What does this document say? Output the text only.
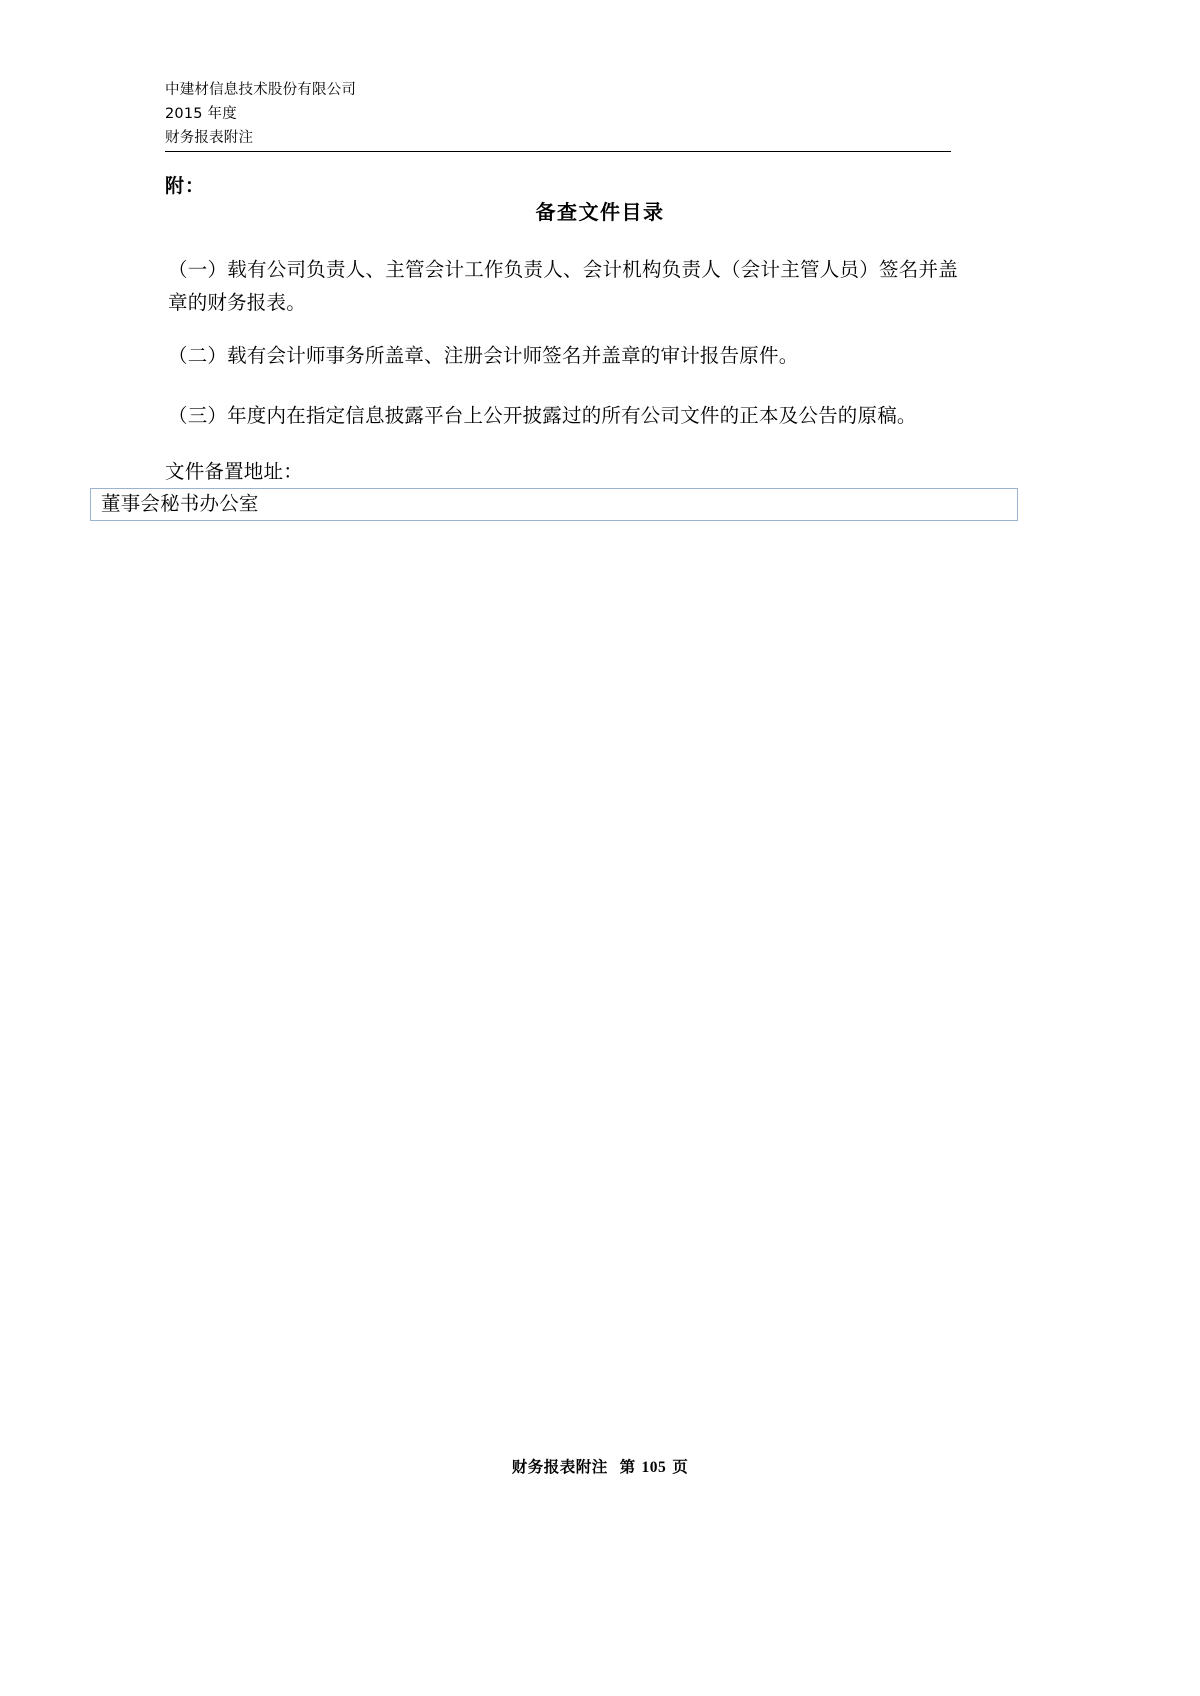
中建材信息技术股份有限公司
2015 年度
财务报表附注
附：
备查文件目录
（一）载有公司负责人、主管会计工作负责人、会计机构负责人（会计主管人员）签名并盖章的财务报表。
（二）载有会计师事务所盖章、注册会计师签名并盖章的审计报告原件。
（三）年度内在指定信息披露平台上公开披露过的所有公司文件的正本及公告的原稿。
文件备置地址：
董事会秘书办公室
财务报表附注 第 105 页
